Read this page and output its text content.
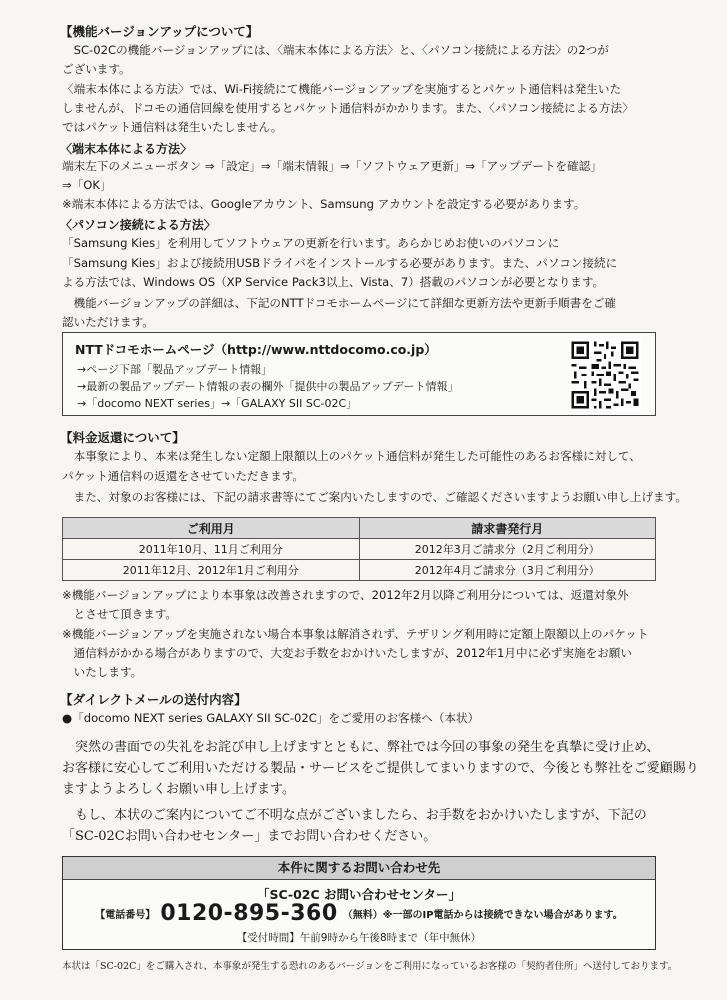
【機能バージョンアップについて】
　SC-02Cの機能バージョンアップには、〈端末本体による方法〉と、〈パソコン接続による方法〉の2つが
ございます。
〈端末本体による方法〉では、Wi-Fi接続にて機能バージョンアップを実施するとパケット通信料は発生いた
しませんが、ドコモの通信回線を使用するとパケット通信料がかかります。また、〈パソコン接続による方法〉
ではパケット通信料は発生いたしません。
〈端末本体による方法〉
端末左下のメニューボタン ⇒「設定」⇒「端末情報」⇒「ソフトウェア更新」⇒「アップデートを確認」
⇒「OK」
※端末本体による方法では、Googleアカウント、Samsung アカウントを設定する必要があります。
〈パソコン接続による方法〉
「Samsung Kies」を利用してソフトウェアの更新を行います。あらかじめお使いのパソコンに
「Samsung Kies」および接続用USBドライバをインストールする必要があります。また、パソコン接続に
よる方法では、Windows OS（XP Service Pack3以上、Vista、7）搭載のパソコンが必要となります。
　機能バージョンアップの詳細は、下記のNTTドコモホームページにて詳細な更新方法や更新手順書をご確
認いただけます。
NTTドコモホームページ（http://www.nttdocomo.co.jp）
→ページ下部「製品アップデート情報」
→最新の製品アップデート情報の表の欄外「提供中の製品アップデート情報」
→「docomo NEXT series」→「GALAXY SII SC-02C」
【料金返還について】
　本事象により、本来は発生しない定額上限額以上のパケット通信料が発生した可能性のあるお客様に対して、
パケット通信料の返還をさせていただきます。
　また、対象のお客様には、下記の請求書等にてご案内いたしますので、ご確認くださいますようお願い申し上げます。
ご利用月	請求書発行月
2011年10月、11月ご利用分	2012年3月ご請求分（2月ご利用分）
2011年12月、2012年1月ご利用分	2012年4月ご請求分（3月ご利用分）
※機能バージョンアップにより本事象は改善されますので、2012年2月以降ご利用分については、返還対象外
　とさせて頂きます。
※機能バージョンアップを実施されない場合本事象は解消されず、テザリング利用時に定額上限額以上のパケット
　通信料がかかる場合がありますので、大変お手数をおかけいたしますが、2012年1月中に必ず実施をお願い
　いたします。
【ダイレクトメールの送付内容】
●「docomo NEXT series GALAXY SII SC-02C」をご愛用のお客様へ（本状）
　突然の書面での失礼をお詫び申し上げますとともに、弊社では今回の事象の発生を真摯に受け止め、
お客様に安心してご利用いただける製品・サービスをご提供してまいりますので、今後とも弊社をご愛顧賜り
ますようよろしくお願い申し上げます。
　もし、本状のご案内についてご不明な点がございましたら、お手数をおかけいたしますが、下記の
「SC-02Cお問い合わせセンター」までお問い合わせください。
本件に関するお問い合わせ先
「SC-02C お問い合わせセンター」
【電話番号】 0120-895-360 （無料）※一部のIP電話からは接続できない場合があります。
【受付時間】午前9時から午後8時まで（年中無休）
本状は「SC-02C」をご購入され、本事象が発生する恐れのあるバージョンをご利用になっているお客様の「契約者住所」へ送付しております。
